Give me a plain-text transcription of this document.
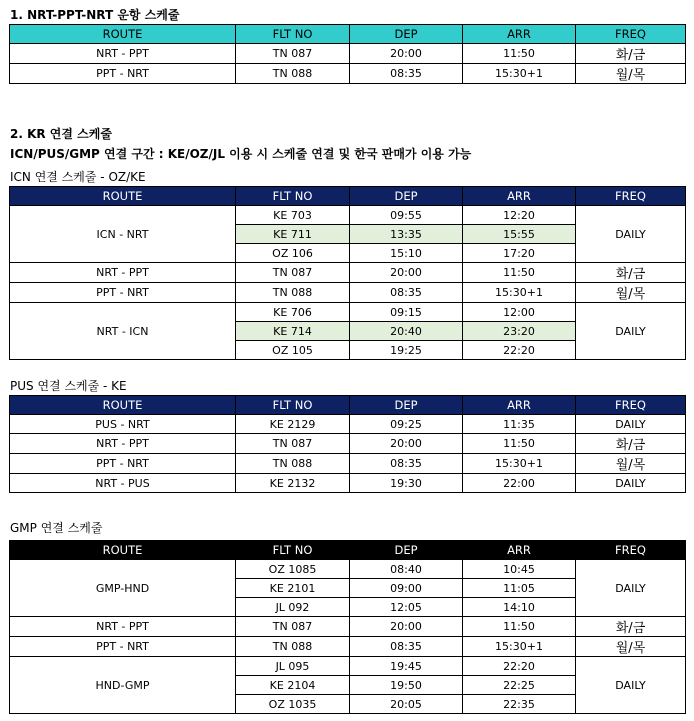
1. NRT-PPT-NRT 운항 스케줄
ROUTE	FLT NO	DEP	ARR	FREQ
NRT - PPT	TN 087	20:00	11:50	화/금
PPT - NRT	TN 088	08:35	15:30+1	월/목
2. KR 연결 스케줄
ICN/PUS/GMP 연결 구간 : KE/OZ/JL 이용 시 스케줄 연결 및 한국 판매가 이용 가능
ICN 연결 스케줄 - OZ/KE
ROUTE	FLT NO	DEP	ARR	FREQ
ICN - NRT	KE 703	09:55	12:20	DAILY
	KE 711	13:35	15:55	
	OZ 106	15:10	17:20	
NRT - PPT	TN 087	20:00	11:50	화/금
PPT - NRT	TN 088	08:35	15:30+1	월/목
NRT - ICN	KE 706	09:15	12:00	DAILY
	KE 714	20:40	23:20	
	OZ 105	19:25	22:20	
PUS 연결 스케줄 - KE
ROUTE	FLT NO	DEP	ARR	FREQ
PUS - NRT	KE 2129	09:25	11:35	DAILY
NRT - PPT	TN 087	20:00	11:50	화/금
PPT - NRT	TN 088	08:35	15:30+1	월/목
NRT - PUS	KE 2132	19:30	22:00	DAILY
GMP 연결 스케줄
ROUTE	FLT NO	DEP	ARR	FREQ
GMP-HND	OZ 1085	08:40	10:45	DAILY
	KE 2101	09:00	11:05	
	JL 092	12:05	14:10	
NRT - PPT	TN 087	20:00	11:50	화/금
PPT - NRT	TN 088	08:35	15:30+1	월/목
HND-GMP	JL 095	19:45	22:20	DAILY
	KE 2104	19:50	22:25	
	OZ 1035	20:05	22:35	
